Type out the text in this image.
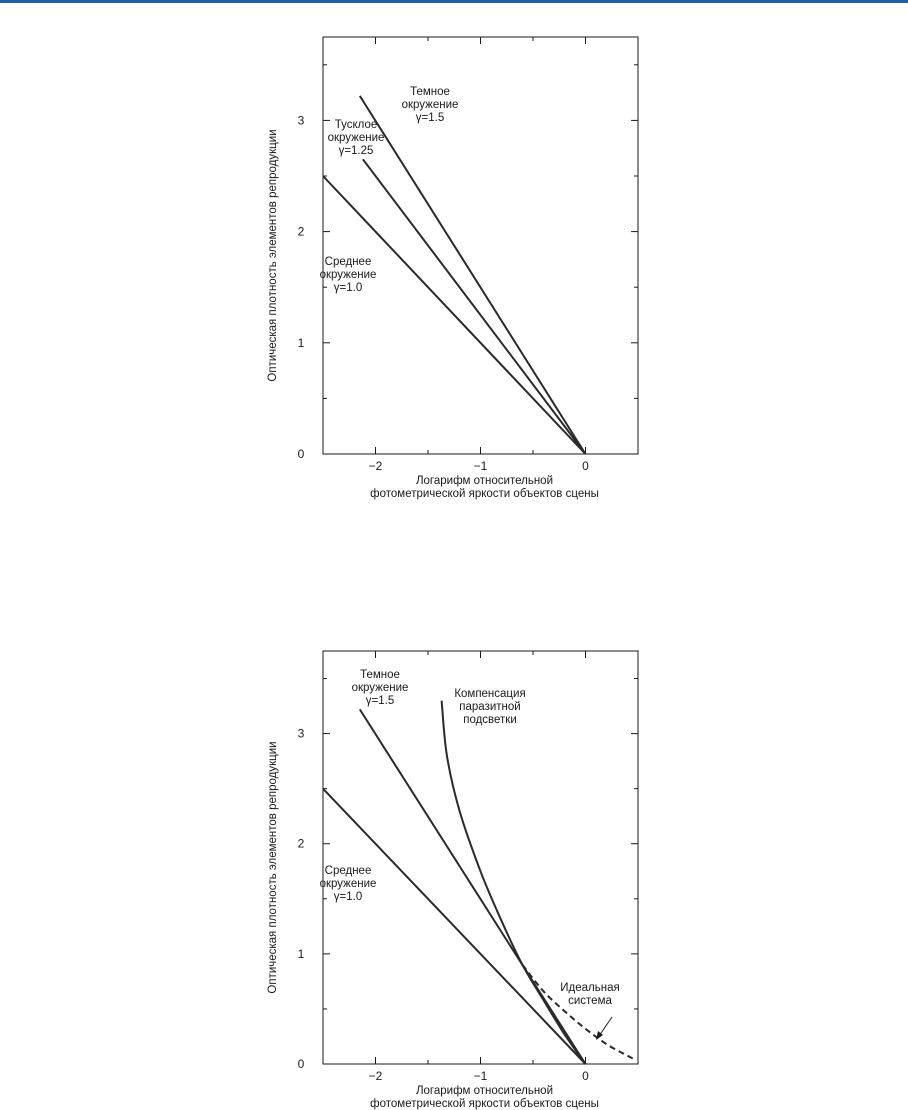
−2	−1	0
0
1
2
3
Логарифм относительной
фотометрической яркости объектов сцены
Оптическая плотность элементов репродукции
Темное окружение γ=1.5
Тусклое окружение γ=1.25
Среднее окружение γ=1.0
−2	−1	0
0
1
2
3
Логарифм относительной
фотометрической яркости объектов сцены
Оптическая плотность элементов репродукции
Темное окружение γ=1.5
Компенсация паразитной подсветки
Среднее окружение γ=1.0
Идеальная система
